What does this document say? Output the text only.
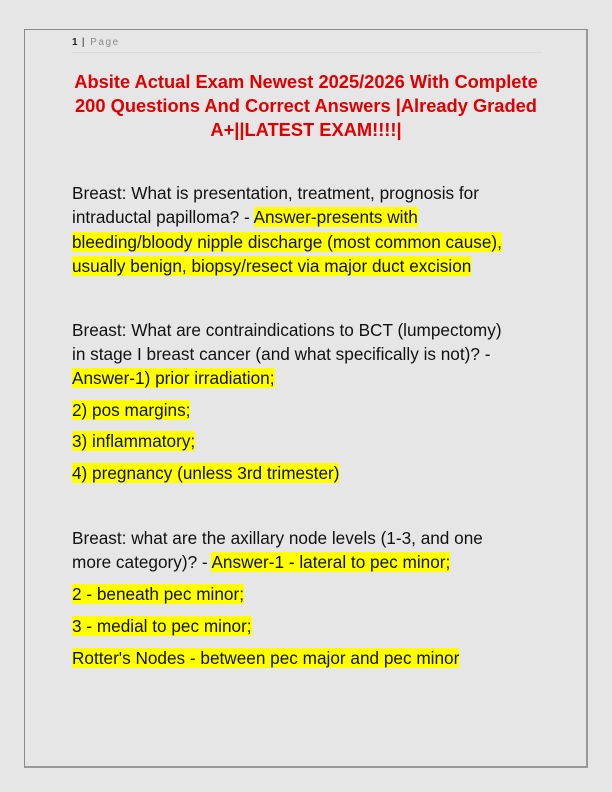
1 | Page
Absite Actual Exam Newest 2025/2026 With Complete 200 Questions And Correct Answers |Already Graded A+||LATEST EXAM!!!!|
Breast: What is presentation, treatment, prognosis for
intraductal papilloma? - Answer-presents with
bleeding/bloody nipple discharge (most common cause),
usually benign, biopsy/resect via major duct excision
Breast: What are contraindications to BCT (lumpectomy)
in stage I breast cancer (and what specifically is not)? -
Answer-1) prior irradiation;
2) pos margins;
3) inflammatory;
4) pregnancy (unless 3rd trimester)
Breast: what are the axillary node levels (1-3, and one
more category)? - Answer-1 - lateral to pec minor;
2 - beneath pec minor;
3 - medial to pec minor;
Rotter's Nodes - between pec major and pec minor
